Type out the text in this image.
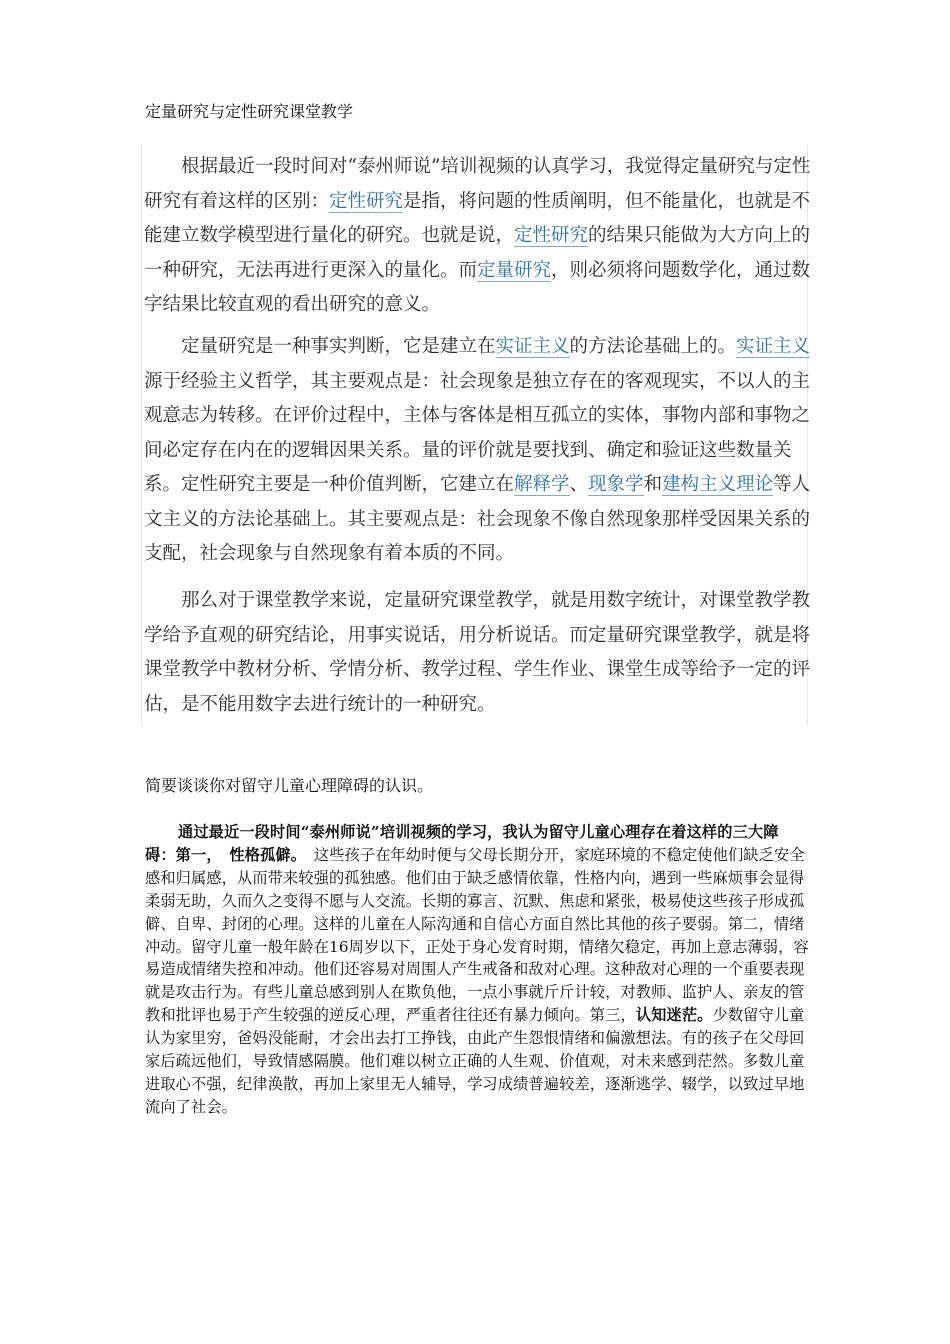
定量研究与定性研究课堂教学

根据最近一段时间对“泰州师说”培训视频的认真学习，我觉得定量研究与定性研究有着这样的区别：定性研究是指，将问题的性质阐明，但不能量化，也就是不能建立数学模型进行量化的研究。也就是说，定性研究的结果只能做为大方向上的一种研究，无法再进行更深入的量化。而定量研究，则必须将问题数学化，通过数字结果比较直观的看出研究的意义。

定量研究是一种事实判断，它是建立在实证主义的方法论基础上的。实证主义源于经验主义哲学，其主要观点是：社会现象是独立存在的客观现实，不以人的主观意志为转移。在评价过程中，主体与客体是相互孤立的实体，事物内部和事物之间必定存在内在的逻辑因果关系。量的评价就是要找到、确定和验证这些数量关系。定性研究主要是一种价值判断，它建立在解释学、现象学和建构主义理论等人文主义的方法论基础上。其主要观点是：社会现象不像自然现象那样受因果关系的支配，社会现象与自然现象有着本质的不同。

那么对于课堂教学来说，定量研究课堂教学，就是用数字统计，对课堂教学教学给予直观的研究结论，用事实说话，用分析说话。而定量研究课堂教学，就是将课堂教学中教材分析、学情分析、教学过程、学生作业、课堂生成等给予一定的评估，是不能用数字去进行统计的一种研究。

简要谈谈你对留守儿童心理障碍的认识。

通过最近一段时间“泰州师说”培训视频的学习，我认为留守儿童心理存在着这样的三大障碍：第一，　性格孤僻。　这些孩子在年幼时便与父母长期分开，家庭环境的不稳定使他们缺乏安全感和归属感，从而带来较强的孤独感。他们由于缺乏感情依靠，性格内向，遇到一些麻烦事会显得柔弱无助，久而久之变得不愿与人交流。长期的寡言、沉默、焦虑和紧张，极易使这些孩子形成孤僻、自卑、封闭的心理。这样的儿童在人际沟通和自信心方面自然比其他的孩子要弱。第二，情绪冲动。留守儿童一般年龄在16周岁以下，正处于身心发育时期，情绪欠稳定，再加上意志薄弱，容易造成情绪失控和冲动。他们还容易对周围人产生戒备和敌对心理。这种敌对心理的一个重要表现就是攻击行为。有些儿童总感到别人在欺负他，一点小事就斤斤计较，对教师、监护人、亲友的管教和批评也易于产生较强的逆反心理，严重者往往还有暴力倾向。第三，认知迷茫。少数留守儿童认为家里穷，爸妈没能耐，才会出去打工挣钱，由此产生怨恨情绪和偏激想法。有的孩子在父母回家后疏远他们，导致情感隔膜。他们难以树立正确的人生观、价值观，对未来感到茫然。多数儿童进取心不强，纪律涣散，再加上家里无人辅导，学习成绩普遍较差，逐渐逃学、辍学，以致过早地流向了社会。
